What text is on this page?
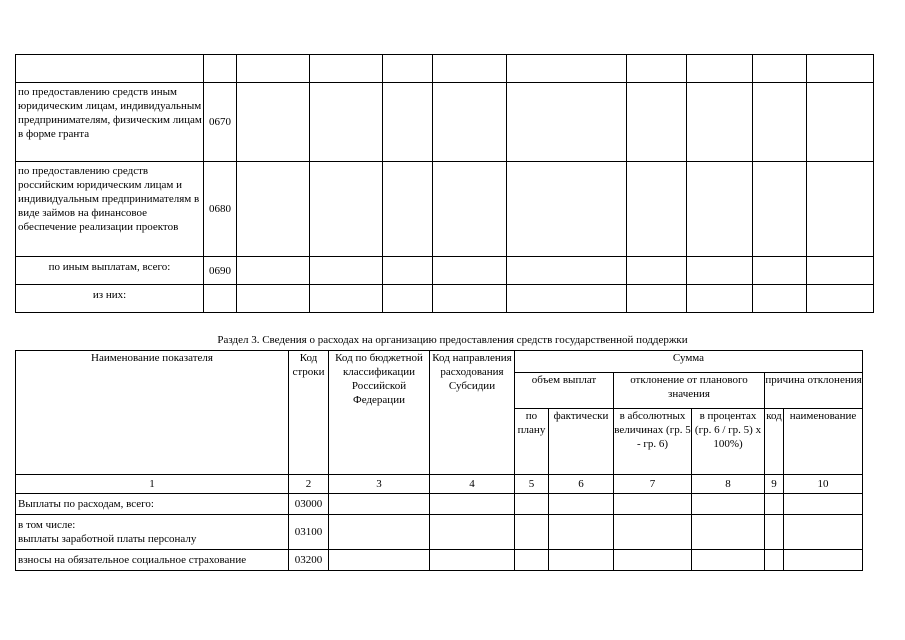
по предоставлению средств иным юридическим лицам, индивидуальным предпринимателям, физическим лицам в форме гранта	0670									
по предоставлению средств российским юридическим лицам и индивидуальным предпринимателям в виде займов на финансовое обеспечение реализации проектов	0680									
по иным выплатам, всего:	0690									
из них:										
Раздел 3. Сведения о расходах на организацию предоставления средств государственной поддержки
Наименование показателя	Код строки	Код по бюджетной классификации Российской Федерации	Код направления расходования Субсидии	Сумма					
				объем выплат		отклонение от планового значения		причина отклонения	
				по плану	фактически	в абсолютных величинах (гр. 5 - гр. 6)	в процентах (гр. 6 / гр. 5) x 100%)	код	наименование
1	2	3	4	5	6	7	8	9	10
Выплаты по расходам, всего:	03000								

в том числе:
выплаты заработной платы персоналу	03100								
взносы на обязательное социальное страхование	03200								
